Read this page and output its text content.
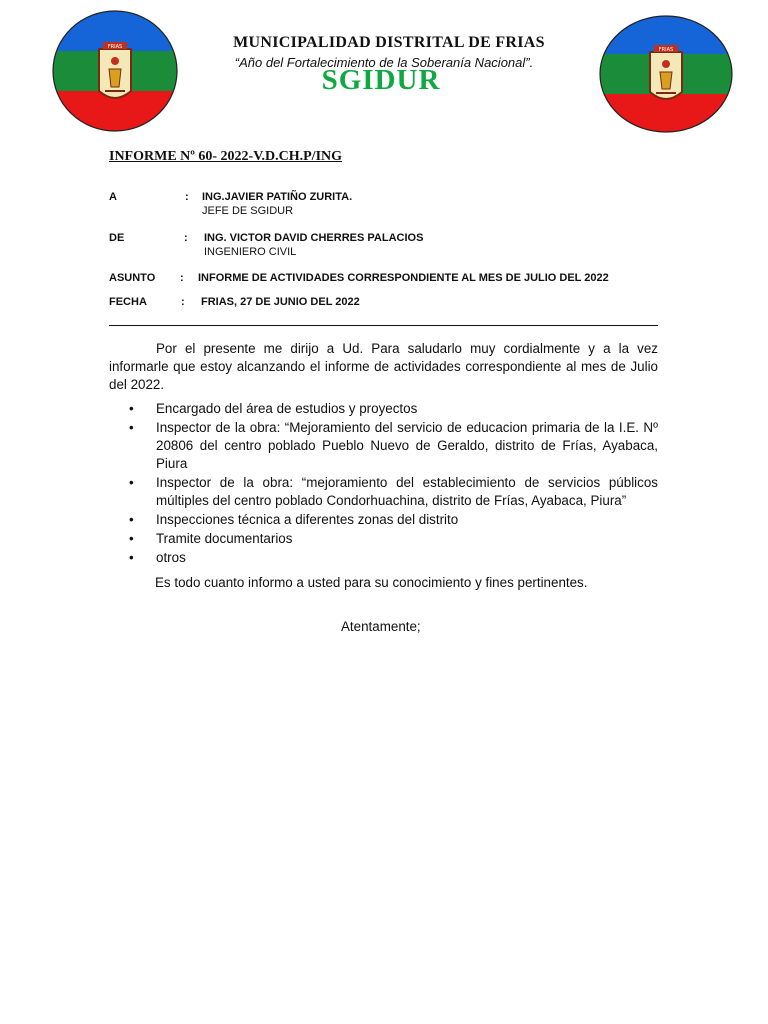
FRIAS	FRIAS
MUNICIPALIDAD DISTRITAL DE FRIAS
“Año del Fortalecimiento de la Soberanía Nacional”.
SGIDUR
INFORME Nº 60- 2022-V.D.CH.P/ING
A	: ING.JAVIER PATIÑO ZURITA.
JEFE DE SGIDUR
DE	: ING. VICTOR DAVID CHERRES PALACIOS
INGENIERO CIVIL
ASUNTO : INFORME DE ACTIVIDADES CORRESPONDIENTE AL MES DE JULIO DEL 2022
FECHA	: FRIAS, 27 DE JUNIO DEL 2022

Por el presente me dirijo a Ud. Para saludarlo muy cordialmente y a la vez informarle que estoy alcanzando el informe de actividades correspondiente al mes de Julio del 2022.

• Encargado del área de estudios y proyectos
• Inspector de la obra: “Mejoramiento del servicio de educacion primaria de la I.E. Nº 20806 del centro poblado Pueblo Nuevo de Geraldo, distrito de Frías, Ayabaca, Piura
• Inspector de la obra: “mejoramiento del establecimiento de servicios públicos múltiples del centro poblado Condorhuachina, distrito de Frías, Ayabaca, Piura”
• Inspecciones técnica a diferentes zonas del distrito
• Tramite documentarios
• otros
Es todo cuanto informo a usted para su conocimiento y fines pertinentes.
Atentamente;
